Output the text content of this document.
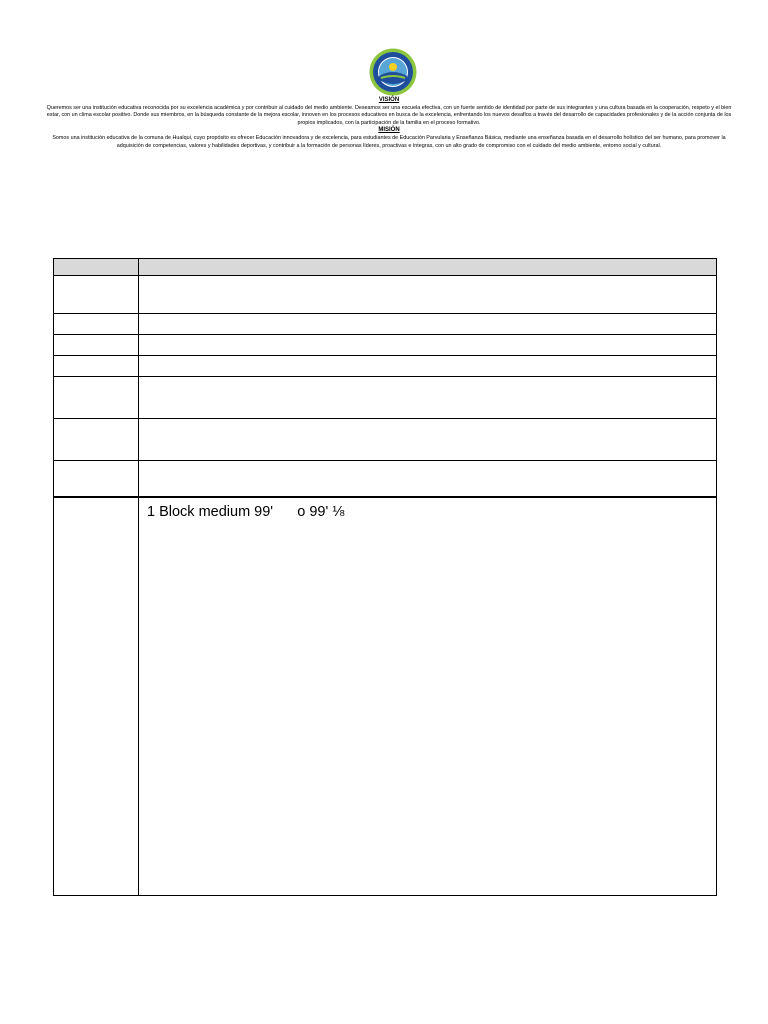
VISIÓN

Queremos ser una institución educativa reconocida por su excelencia académica y por contribuir al cuidado del medio ambiente. Deseamos ser una escuela efectiva, con un fuerte sentido de identidad por parte de sus integrantes y una cultura basada en la cooperación, respeto y el bien estar, con un clima escolar positivo. Donde sus miembros, en la búsqueda constante de la mejora escolar, innoven en los procesos educativos en busca de la excelencia, enfrentando los nuevos desafíos a través del desarrollo de capacidades profesionales y de la acción conjunta de los propios implicados, con la participación de la familia en el proceso formativo.

MISIÓN

Somos una institución educativa de la comuna de Hualqui, cuyo propósito es ofrecer Educación innovadora y de excelencia, para estudiantes de Educación Parvularia y Enseñanza Básica, mediante una enseñanza basada en el desarrollo holístico del ser humano, para promover la adquisición de competencias, valores y habilidades deportivas, y contribuir a la formación de personas líderes, proactivas e íntegras, con un alto grado de compromiso con el cuidado del medio ambiente, entorno social y cultural.

1 Block medium 99'      o 99' ⅛
